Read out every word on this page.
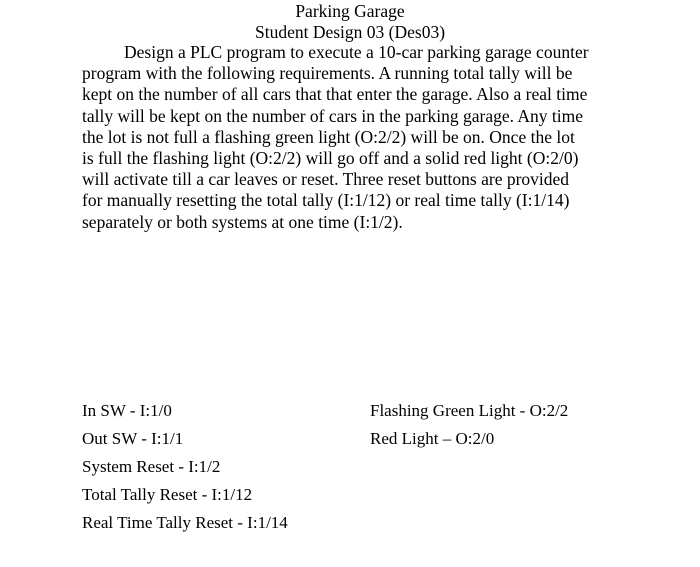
Parking Garage
Student Design 03 (Des03)

Design a PLC program to execute a 10-car parking garage counter
program with the following requirements. A running total tally will be
kept on the number of all cars that that enter the garage. Also a real time
tally will be kept on the number of cars in the parking garage. Any time
the lot is not full a flashing green light (O:2/2) will be on. Once the lot
is full the flashing light (O:2/2) will go off and a solid red light (O:2/0)
will activate till a car leaves or reset. Three reset buttons are provided
for manually resetting the total tally (I:1/12) or real time tally (I:1/14)
separately or both systems at one time (I:1/2).

In SW - I:1/0
Out SW - I:1/1
System Reset - I:1/2
Total Tally Reset - I:1/12
Real Time Tally Reset - I:1/14
Flashing Green Light - O:2/2
Red Light – O:2/0
